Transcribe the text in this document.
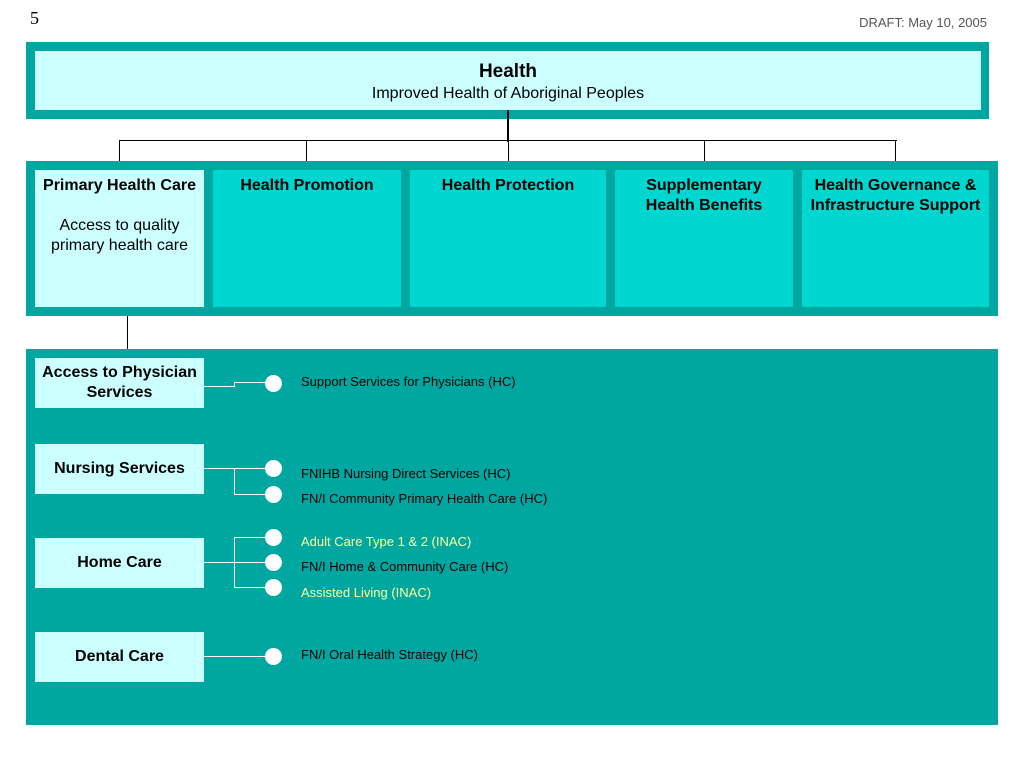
5	DRAFT: May 10, 2005
Health
Improved Health of Aboriginal Peoples
Primary Health Care
Access to quality primary health care
Health Promotion	Health Protection	Supplementary Health Benefits
Health Governance & Infrastructure Support
Access to Physician Services
Nursing Services
Home Care
Dental Care
Support Services for Physicians (HC)
FNIHB Nursing Direct Services (HC)
FN/I Community Primary Health Care (HC)
Adult Care Type 1 & 2 (INAC)
FN/I Home & Community Care (HC)
Assisted Living (INAC)
FN/I Oral Health Strategy (HC)
